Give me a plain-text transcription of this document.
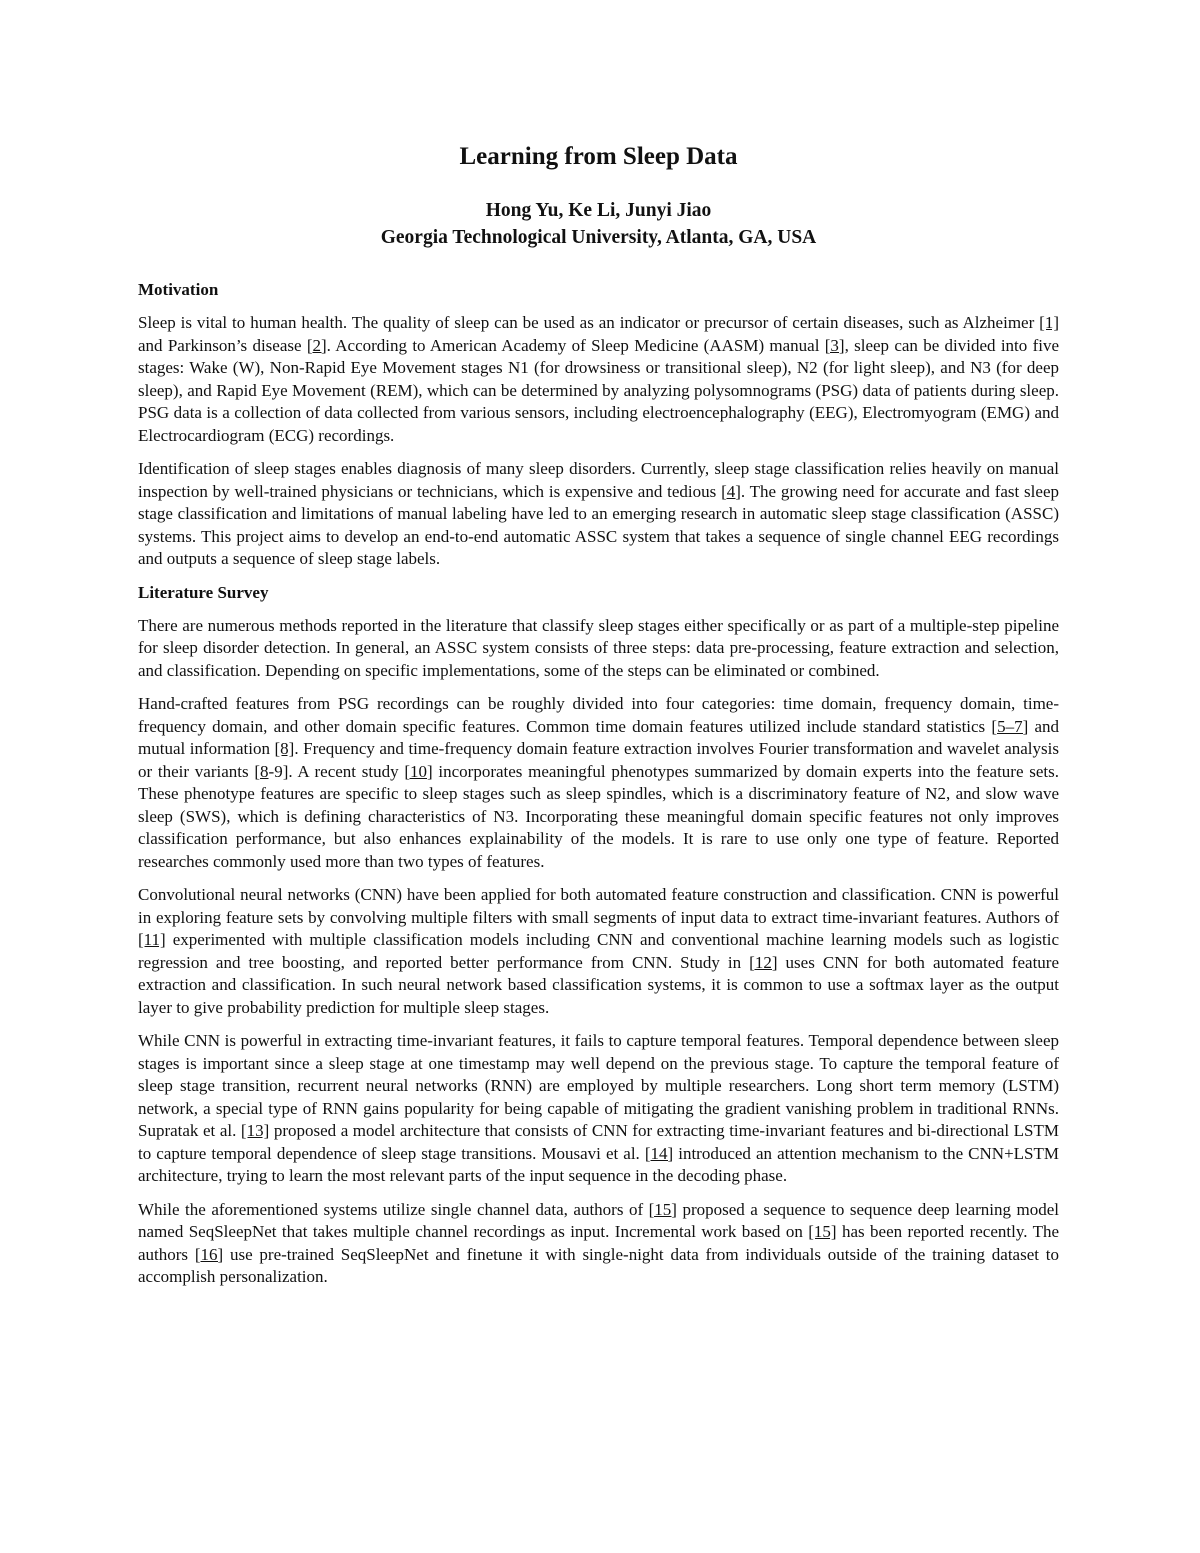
Learning from Sleep Data
Hong Yu, Ke Li, Junyi Jiao
Georgia Technological University, Atlanta, GA, USA
Motivation

Sleep is vital to human health. The quality of sleep can be used as an indicator or precursor of certain diseases, such as Alzheimer [1] and Parkinson’s disease [2]. According to American Academy of Sleep Medicine (AASM) manual [3], sleep can be divided into five stages: Wake (W), Non-Rapid Eye Movement stages N1 (for drowsiness or transitional sleep), N2 (for light sleep), and N3 (for deep sleep), and Rapid Eye Movement (REM), which can be determined by analyzing polysomnograms (PSG) data of patients during sleep. PSG data is a collection of data collected from various sensors, including electroencephalography (EEG), Electromyogram (EMG) and Electrocardiogram (ECG) recordings.

Identification of sleep stages enables diagnosis of many sleep disorders. Currently, sleep stage classification relies heavily on manual inspection by well-trained physicians or technicians, which is expensive and tedious [4]. The growing need for accurate and fast sleep stage classification and limitations of manual labeling have led to an emerging research in automatic sleep stage classification (ASSC) systems. This project aims to develop an end-to-end automatic ASSC system that takes a sequence of single channel EEG recordings and outputs a sequence of sleep stage labels.

Literature Survey

There are numerous methods reported in the literature that classify sleep stages either specifically or as part of a multiple-step pipeline for sleep disorder detection. In general, an ASSC system consists of three steps: data pre-processing, feature extraction and selection, and classification. Depending on specific implementations, some of the steps can be eliminated or combined.

Hand-crafted features from PSG recordings can be roughly divided into four categories: time domain, frequency domain, time-frequency domain, and other domain specific features. Common time domain features utilized include standard statistics [5–7] and mutual information [8]. Frequency and time-frequency domain feature extraction involves Fourier transformation and wavelet analysis or their variants [8-9]. A recent study [10] incorporates meaningful phenotypes summarized by domain experts into the feature sets. These phenotype features are specific to sleep stages such as sleep spindles, which is a discriminatory feature of N2, and slow wave sleep (SWS), which is defining characteristics of N3. Incorporating these meaningful domain specific features not only improves classification performance, but also enhances explainability of the models. It is rare to use only one type of feature. Reported researches commonly used more than two types of features.

Convolutional neural networks (CNN) have been applied for both automated feature construction and classification. CNN is powerful in exploring feature sets by convolving multiple filters with small segments of input data to extract time-invariant features. Authors of [11] experimented with multiple classification models including CNN and conventional machine learning models such as logistic regression and tree boosting, and reported better performance from CNN. Study in [12] uses CNN for both automated feature extraction and classification. In such neural network based classification systems, it is common to use a softmax layer as the output layer to give probability prediction for multiple sleep stages.

While CNN is powerful in extracting time-invariant features, it fails to capture temporal features. Temporal dependence between sleep stages is important since a sleep stage at one timestamp may well depend on the previous stage. To capture the temporal feature of sleep stage transition, recurrent neural networks (RNN) are employed by multiple researchers. Long short term memory (LSTM) network, a special type of RNN gains popularity for being capable of mitigating the gradient vanishing problem in traditional RNNs. Supratak et al. [13] proposed a model architecture that consists of CNN for extracting time-invariant features and bi-directional LSTM to capture temporal dependence of sleep stage transitions. Mousavi et al. [14] introduced an attention mechanism to the CNN+LSTM architecture, trying to learn the most relevant parts of the input sequence in the decoding phase.

While the aforementioned systems utilize single channel data, authors of [15] proposed a sequence to sequence deep learning model named SeqSleepNet that takes multiple channel recordings as input. Incremental work based on [15] has been reported recently. The authors [16] use pre-trained SeqSleepNet and finetune it with single-night data from individuals outside of the training dataset to accomplish personalization.
